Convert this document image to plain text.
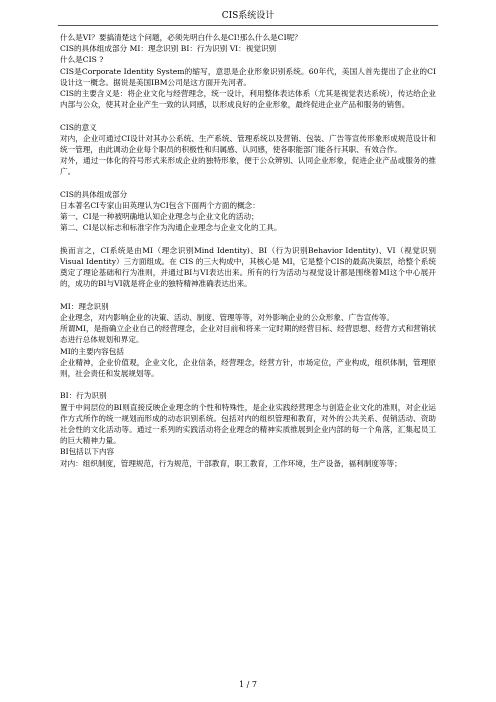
CIS系统设计

什么是VI？要搞清楚这个问题，必须先明白什么是CI!那么什么是CI呢？

CIS的具体组成部分 MI：理念识别 BI：行为识别 VI：视觉识别

什么是CIS ?

CIS是Corporate Identity System的缩写，意思是企业形象识别系统。60年代，美国人首先提出了企业的CI设计这一概念。据说是美国IBM公司是这方面开先河者。

CIS的主要含义是：将企业文化与经营理念，统一设计，利用整体表达体系（尤其是视觉表达系统），传达给企业内部与公众，使其对企业产生一致的认同感，以形成良好的企业形象，最终促进企业产品和服务的销售。

CIS的意义

对内，企业可通过CI设计对其办公系统、生产系统、管理系统以及营销、包装、广告等宣传形象形成规范设计和统一管理，由此调动企业每个职员的积极性和归属感、认同感，使各职能部门能各行其职、有效合作。

对外，通过一体化的符号形式来形成企业的独特形象，便于公众辨别、认同企业形象，促进企业产品或服务的推广。

CIS的具体组成部分

日本著名CI专家山田英理认为CI包含下面两个方面的概念：

第一、CI是一种被明确地认知企业理念与企业文化的活动；

第二、CI是以标志和标准字作为沟通企业理念与企业文化的工具。

换而言之，CI系统是由MI（理念识别Mind Identity)、BI（行为识别Behavior Identity)、VI（视觉识别 Visual Identity）三方面组成。在 CIS 的三大构成中，其核心是 MI，它是整个CIS的最高决策层，给整个系统奠定了理论基础和行为准则，并通过BI与VI表达出来。所有的行为活动与视觉设计都是围绕着MI这个中心展开的，成功的BI与VI就是将企业的独特精神准确表达出来。

MI：理念识别

企业理念，对内影响企业的决策、活动、制度、管理等等，对外影响企业的公众形象、广告宣传等。

所谓MI，是指确立企业自己的经营理念，企业对目前和将来一定时期的经营目标、经营思想、经营方式和营销状态进行总体规划和界定。

MI的主要内容包括

企业精神，企业价值观，企业文化，企业信条，经营理念，经营方针，市场定位，产业构成，组织体制，管理原则，社会责任和发展规划等。

BI：行为识别

置于中间层位的BI则直接反映企业理念的个性和特殊性，是企业实践经营理念与创造企业文化的准则，对企业运作方式所作的统一规划而形成的动态识别系统。包括对内的组织管理和教育，对外的公共关系、促销活动、资助社会性的文化活动等。通过一系列的实践活动将企业理念的精神实质推展到企业内部的每一个角落，汇集起员工的巨大精神力量。

BI包括以下内容

对内：组织制度，管理规范，行为规范，干部教育，职工教育，工作环境，生产设备，福利制度等等；

1 / 7
